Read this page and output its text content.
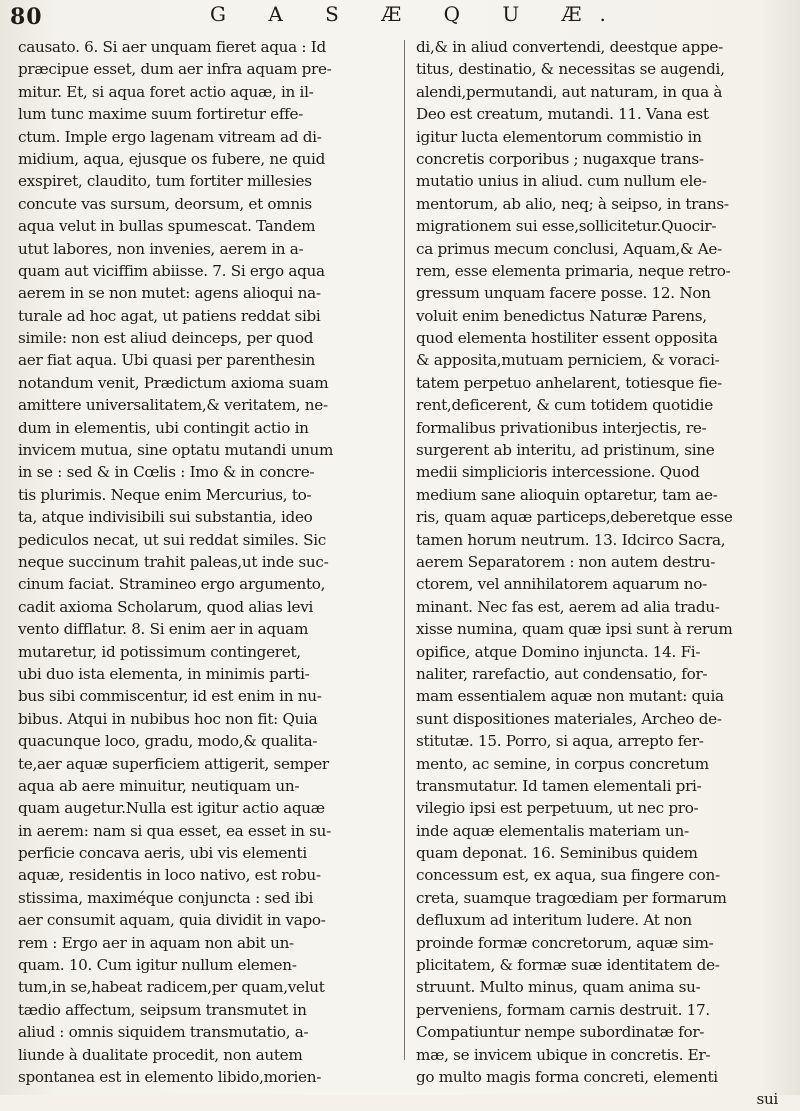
80	G A S Æ Q U Æ.
causato. 6. Si aer unquam fieret aqua : Id
præcipue esset, dum aer infra aquam pre-
mitur. Et, si aqua foret actio aquæ, in il-
lum tunc maxime suum fortiretur effe-
ctum. Imple ergo lagenam vitream ad di-
midium, aqua, ejusque os fubere, ne quid
exspiret, claudito, tum fortiter millesies
concute vas sursum, deorsum, et omnis
aqua velut in bullas spumescat. Tandem
utut labores, non invenies, aerem in a-
quam aut viciffim abiisse. 7. Si ergo aqua
aerem in se non mutet: agens alioqui na-
turale ad hoc agat, ut patiens reddat sibi
simile: non est aliud deinceps, per quod
aer fiat aqua. Ubi quasi per parenthesin
notandum venit, Prædictum axioma suam
amittere universalitatem,& veritatem, ne-
dum in elementis, ubi contingit actio in
invicem mutua, sine optatu mutandi unum
in se : sed & in Cœlis : Imo & in concre-
tis plurimis. Neque enim Mercurius, to-
ta, atque indivisibili sui substantia, ideo
pediculos necat, ut sui reddat similes. Sic
neque succinum trahit paleas,ut inde suc-
cinum faciat. Stramineo ergo argumento,
cadit axioma Scholarum, quod alias levi
vento difflatur. 8. Si enim aer in aquam
mutaretur, id potissimum contingeret,
ubi duo ista elementa, in minimis parti-
bus sibi commiscentur, id est enim in nu-
bibus. Atqui in nubibus hoc non fit: Quia
quacunque loco, gradu, modo,& qualita-
te,aer aquæ superficiem attigerit, semper
aqua ab aere minuitur, neutiquam un-
quam augetur.Nulla est igitur actio aquæ
in aerem: nam si qua esset, ea esset in su-
perficie concava aeris, ubi vis elementi
aquæ, residentis in loco nativo, est robu-
stissima, maximéque conjuncta : sed ibi
aer consumit aquam, quia dividit in vapo-
rem : Ergo aer in aquam non abit un-
quam. 10. Cum igitur nullum elemen-
tum,in se,habeat radicem,per quam,velut
tædio affectum, seipsum transmutet in
aliud : omnis siquidem transmutatio, a-
liunde à dualitate procedit, non autem
spontanea est in elemento libido,morien-
di,& in aliud convertendi, deestque appe-
titus, destinatio, & necessitas se augendi,
alendi,permutandi, aut naturam, in qua à
Deo est creatum, mutandi. 11. Vana est
igitur lucta elementorum commistio in
concretis corporibus ; nugaxque trans-
mutatio unius in aliud. cum nullum ele-
mentorum, ab alio, neq; à seipso, in trans-
migrationem sui esse,sollicitetur.Quocir-
ca primus mecum conclusi, Aquam,& Ae-
rem, esse elementa primaria, neque retro-
gressum unquam facere posse. 12. Non
voluit enim benedictus Naturæ Parens,
quod elementa hostiliter essent opposita
& apposita,mutuam perniciem, & voraci-
tatem perpetuo anhelarent, totiesque fie-
rent,deficerent, & cum totidem quotidie
formalibus privationibus interjectis, re-
surgerent ab interitu, ad pristinum, sine
medii simplicioris intercessione. Quod
medium sane alioquin optaretur, tam ae-
ris, quam aquæ particeps,deberetque esse
tamen horum neutrum. 13. Idcirco Sacra,
aerem Separatorem : non autem destru-
ctorem, vel annihilatorem aquarum no-
minant. Nec fas est, aerem ad alia tradu-
xisse numina, quam quæ ipsi sunt à rerum
opifice, atque Domino injuncta. 14. Fi-
naliter, rarefactio, aut condensatio, for-
mam essentialem aquæ non mutant: quia
sunt dispositiones materiales, Archeo de-
stitutæ. 15. Porro, si aqua, arrepto fer-
mento, ac semine, in corpus concretum
transmutatur. Id tamen elementali pri-
vilegio ipsi est perpetuum, ut nec pro-
inde aquæ elementalis materiam un-
quam deponat. 16. Seminibus quidem
concessum est, ex aqua, sua fingere con-
creta, suamque tragœdiam per formarum
defluxum ad interitum ludere. At non
proinde formæ concretorum, aquæ sim-
plicitatem, & formæ suæ identitatem de-
struunt. Multo minus, quam anima su-
perveniens, formam carnis destruit. 17.
Compatiuntur nempe subordinatæ for-
mæ, se invicem ubique in concretis. Er-
go multo magis forma concreti, elementi
sui
